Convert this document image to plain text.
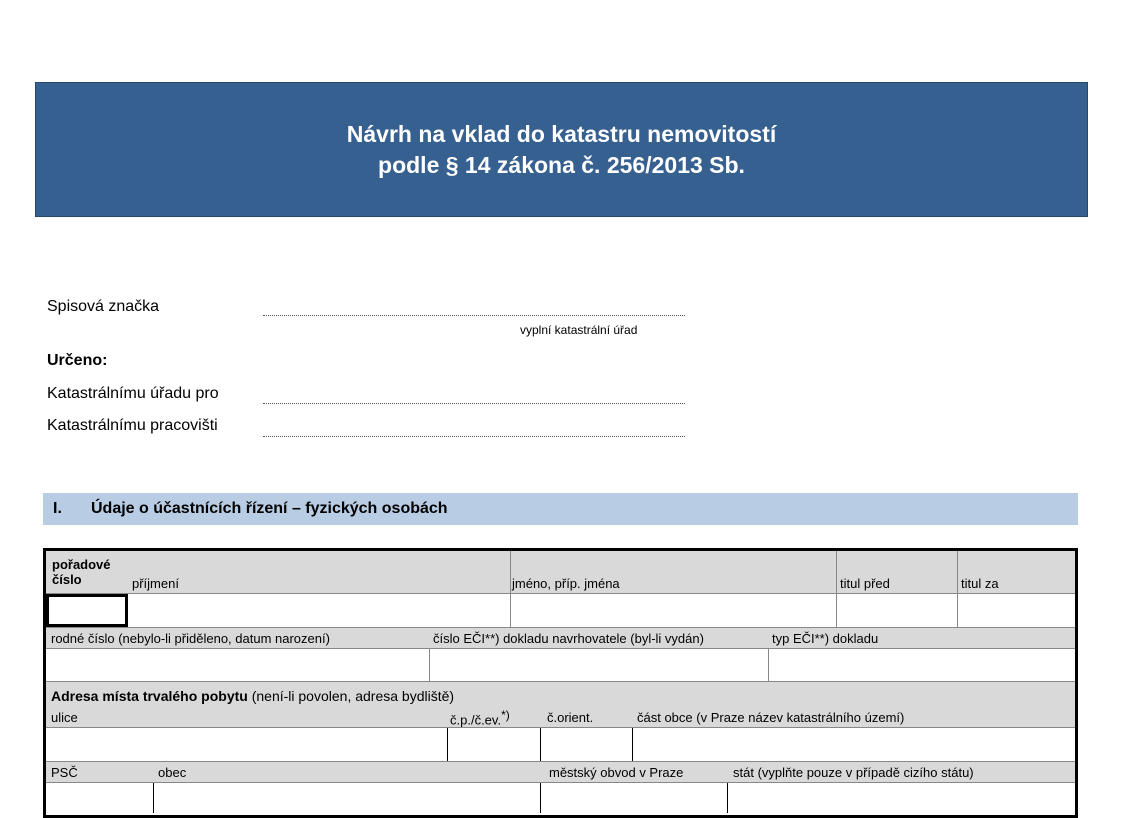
Návrh na vklad do katastru nemovitostí
podle § 14 zákona č. 256/2013 Sb.
Spisová značka
vyplní katastrální úřad
Určeno:
Katastrálnímu úřadu pro
Katastrálnímu pracovišti
I.	Údaje o účastnících řízení – fyzických osobách
pořadové
číslo	příjmení	jméno, příp. jména	titul před	titul za
rodné číslo (nebylo-li přiděleno, datum narození)	číslo EČI**) dokladu navrhovatele (byl-li vydán)	typ EČI**) dokladu
Adresa místa trvalého pobytu (není-li povolen, adresa bydliště)
ulice	č.p./č.ev.*)	č.orient.	část obce (v Praze název katastrálního území)
PSČ	obec	městský obvod v Praze	stát (vyplňte pouze v případě cizího státu)
